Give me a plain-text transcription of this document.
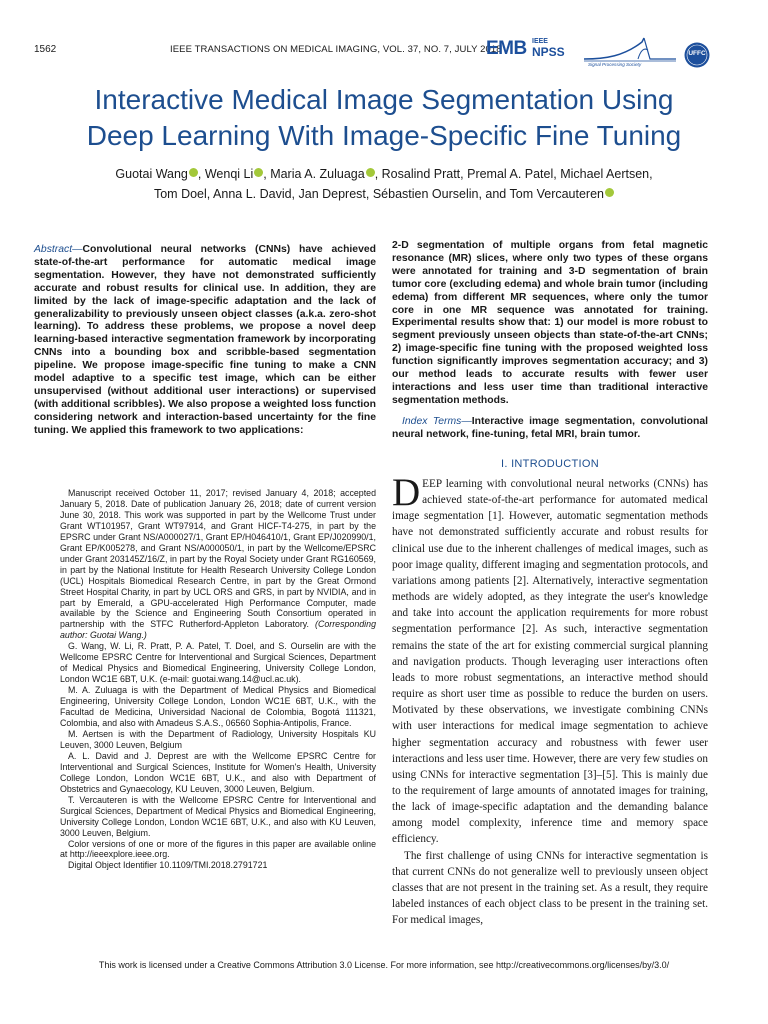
1562	IEEE TRANSACTIONS ON MEDICAL IMAGING, VOL. 37, NO. 7, JULY 2018
EMB IEEE
NPSS
Signal Processing Society
UFFC
Interactive Medical Image Segmentation Using
Deep Learning With Image-Specific Fine Tuning
Guotai Wang , Wenqi Li , Maria A. Zuluaga , Rosalind Pratt, Premal A. Patel, Michael Aertsen,
Tom Doel, Anna L. David, Jan Deprest, Sébastien Ourselin, and Tom Vercauteren
Abstract—Convolutional neural networks (CNNs) have achieved state-of-the-art performance for automatic medical image segmentation. However, they have not demonstrated sufficiently accurate and robust results for clinical use. In addition, they are limited by the lack of image-specific adaptation and the lack of generalizability to previously unseen object classes (a.k.a. zero-shot learning). To address these problems, we propose a novel deep learning-based interactive segmentation framework by incorporating CNNs into a bounding box and scribble-based segmentation pipeline. We propose image-specific fine tuning to make a CNN model adaptive to a specific test image, which can be either unsupervised (without additional user interactions) or supervised (with additional scribbles). We also propose a weighted loss function considering network and interaction-based uncertainty for the fine tuning. We applied this framework to two applications:
2-D segmentation of multiple organs from fetal magnetic resonance (MR) slices, where only two types of these organs were annotated for training and 3-D segmentation of brain tumor core (excluding edema) and whole brain tumor (including edema) from different MR sequences, where only the tumor core in one MR sequence was annotated for training. Experimental results show that: 1) our model is more robust to segment previously unseen objects than state-of-the-art CNNs; 2) image-specific fine tuning with the proposed weighted loss function significantly improves segmentation accuracy; and 3) our method leads to accurate results with fewer user interactions and less user time than traditional interactive segmentation methods.
Index Terms—Interactive image segmentation, convolutional neural network, fine-tuning, fetal MRI, brain tumor.

Manuscript received October 11, 2017; revised January 4, 2018; accepted January 5, 2018. Date of publication January 26, 2018; date of current version June 30, 2018. This work was supported in part by the Wellcome Trust under Grant WT101957, Grant WT97914, and Grant HICF-T4-275, in part by the EPSRC under Grant NS/A000027/1, Grant EP/H046410/1, Grant EP/J020990/1, Grant EP/K005278, and Grant NS/A000050/1, in part by the Wellcome/EPSRC under Grant 203145Z/16/Z, in part by the Royal Society under Grant RG160569, in part by the National Institute for Health Research University College London (UCL) Hospitals Biomedical Research Centre, in part by the Great Ormond Street Hospital Charity, in part by UCL ORS and GRS, in part by NVIDIA, and in part by Emerald, a GPU-accelerated High Performance Computer, made available by the Science and Engineering South Consortium operated in partnership with the STFC Rutherford-Appleton Laboratory. (Corresponding author: Guotai Wang.)

G. Wang, W. Li, R. Pratt, P. A. Patel, T. Doel, and S. Ourselin are with the Wellcome EPSRC Centre for Interventional and Surgical Sciences, Department of Medical Physics and Biomedical Engineering, University College London, London WC1E 6BT, U.K. (e-mail: guotai.wang.14@ucl.ac.uk).

M. A. Zuluaga is with the Department of Medical Physics and Biomedical Engineering, University College London, London WC1E 6BT, U.K., with the Facultad de Medicina, Universidad Nacional de Colombia, Bogotá 111321, Colombia, and also with Amadeus S.A.S., 06560 Sophia-Antipolis, France.

M. Aertsen is with the Department of Radiology, University Hospitals KU Leuven, 3000 Leuven, Belgium

A. L. David and J. Deprest are with the Wellcome EPSRC Centre for Interventional and Surgical Sciences, Institute for Women's Health, University College London, London WC1E 6BT, U.K., and also with Department of Obstetrics and Gynaecology, KU Leuven, 3000 Leuven, Belgium.

T. Vercauteren is with the Wellcome EPSRC Centre for Interventional and Surgical Sciences, Department of Medical Physics and Biomedical Engineering, University College London, London WC1E 6BT, U.K., and also with KU Leuven, 3000 Leuven, Belgium.

Color versions of one or more of the figures in this paper are available online at http://ieeexplore.ieee.org.

Digital Object Identifier 10.1109/TMI.2018.2791721

I. INTRODUCTION

DEEP learning with convolutional neural networks (CNNs) has achieved state-of-the-art performance for automated medical image segmentation [1]. However, automatic segmentation methods have not demonstrated sufficiently accurate and robust results for clinical use due to the inherent challenges of medical images, such as poor image quality, different imaging and segmentation protocols, and variations among patients [2]. Alternatively, interactive segmentation methods are widely adopted, as they integrate the user's knowledge and take into account the application requirements for more robust segmentation performance [2]. As such, interactive segmentation remains the state of the art for existing commercial surgical planning and navigation products. Though leveraging user interactions often leads to more robust segmentations, an interactive method should require as short user time as possible to reduce the burden on users. Motivated by these observations, we investigate combining CNNs with user interactions for medical image segmentation to achieve higher segmentation accuracy and robustness with fewer user interactions and less user time. However, there are very few studies on using CNNs for interactive segmentation [3]–[5]. This is mainly due to the requirement of large amounts of annotated images for training, the lack of image-specific adaptation and the demanding balance among model complexity, inference time and memory space efficiency.

The first challenge of using CNNs for interactive segmentation is that current CNNs do not generalize well to previously unseen object classes that are not present in the training set. As a result, they require labeled instances of each object class to be present in the training set. For medical images,

This work is licensed under a Creative Commons Attribution 3.0 License. For more information, see http://creativecommons.org/licenses/by/3.0/
